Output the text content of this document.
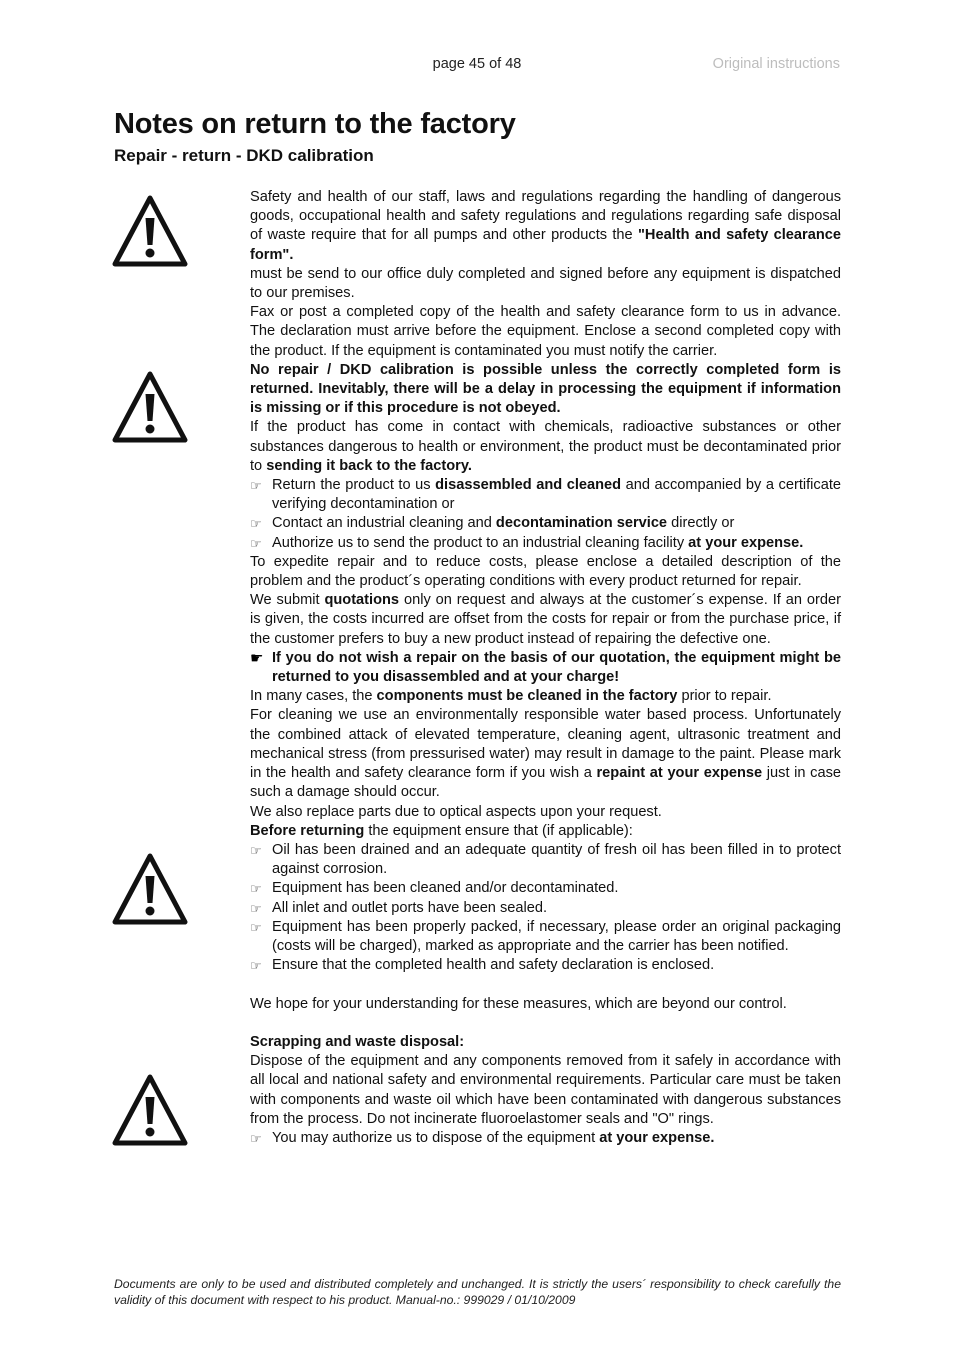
page 45 of 48	Original instructions
Notes on return to the factory
Repair - return - DKD calibration

Safety and health of our staff, laws and regulations regarding the handling of dangerous goods, occupational health and safety regulations and regulations regarding safe disposal of waste require that for all pumps and other products the "Health and safety clearance form".

must be send to our office duly completed and signed before any equipment is dispatched to our premises.

Fax or post a completed copy of the health and safety clearance form to us in advance. The declaration must arrive before the equipment. Enclose a second completed copy with the product. If the equipment is contaminated you must notify the carrier.

No repair / DKD calibration is possible unless the correctly completed form is returned. Inevitably, there will be a delay in processing the equipment if information is missing or if this procedure is not obeyed.

If the product has come in contact with chemicals, radioactive substances or other substances dangerous to health or environment, the product must be decontaminated prior to sending it back to the factory.

☞ Return the product to us disassembled and cleaned and accompanied by a certificate verifying decontamination or
☞ Contact an industrial cleaning and decontamination service directly or
☞ Authorize us to send the product to an industrial cleaning facility at your expense.

To expedite repair and to reduce costs, please enclose a detailed description of the problem and the product´s operating conditions with every product returned for repair.

We submit quotations only on request and always at the customer´s expense. If an order is given, the costs incurred are offset from the costs for repair or from the purchase price, if the customer prefers to buy a new product instead of repairing the defective one.

☛ If you do not wish a repair on the basis of our quotation, the equipment might be returned to you disassembled and at your charge!

In many cases, the components must be cleaned in the factory prior to repair.

For cleaning we use an environmentally responsible water based process. Unfortunately the combined attack of elevated temperature, cleaning agent, ultrasonic treatment and mechanical stress (from pressurised water) may result in damage to the paint. Please mark in the health and safety clearance form if you wish a repaint at your expense just in case such a damage should occur.

We also replace parts due to optical aspects upon your request.

Before returning the equipment ensure that (if applicable):

☞ Oil has been drained and an adequate quantity of fresh oil has been filled in to protect against corrosion.
☞ Equipment has been cleaned and/or decontaminated.
☞ All inlet and outlet ports have been sealed.
☞ Equipment has been properly packed, if necessary, please order an original packaging (costs will be charged), marked as appropriate and the carrier has been notified.
☞ Ensure that the completed health and safety declaration is enclosed.

We hope for your understanding for these measures, which are beyond our control.

Scrapping and waste disposal:

Dispose of the equipment and any components removed from it safely in accordance with all local and national safety and environmental requirements. Particular care must be taken with components and waste oil which have been contaminated with dangerous substances from the process. Do not incinerate fluoroelastomer seals and "O" rings.

☞ You may authorize us to dispose of the equipment at your expense.
Documents are only to be used and distributed completely and unchanged. It is strictly the users´ responsibility to check carefully the validity of this document with respect to his product. Manual-no.: 999029 / 01/10/2009
